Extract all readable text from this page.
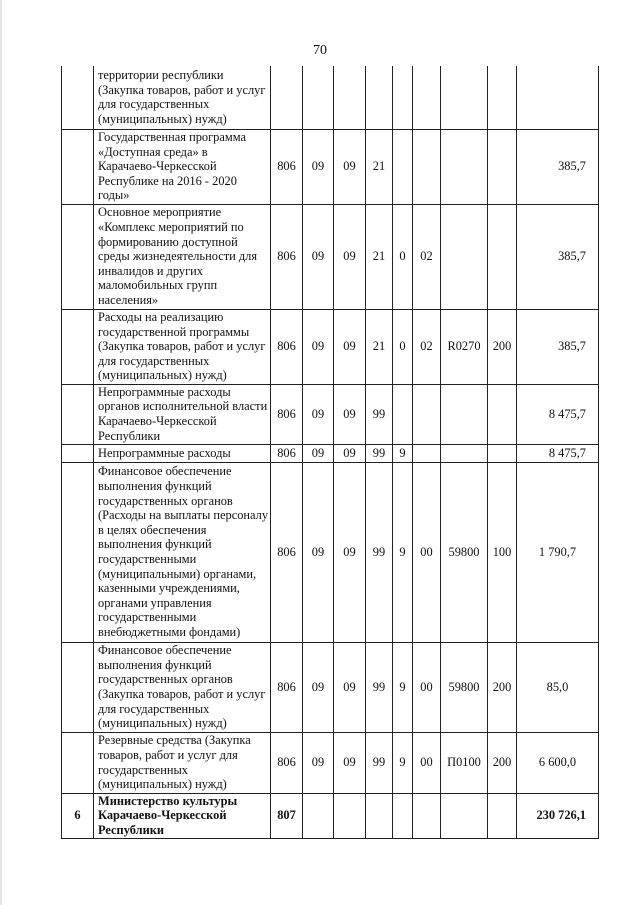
70
	территории республики (Закупка товаров, работ и услуг для государственных (муниципальных) нужд)									
	Государственная программа «Доступная среда» в Карачаево-Черкесской Республике на 2016 - 2020 годы»	806	09	09	21					385,7
	Основное мероприятие «Комплекс мероприятий по формированию доступной среды жизнедеятельности для инвалидов и других маломобильных групп населения»	806	09	09	21	0	02			385,7
	Расходы на реализацию государственной программы (Закупка товаров, работ и услуг для государственных (муниципальных) нужд)	806	09	09	21	0	02	R0270	200	385,7
	Непрограммные расходы органов исполнительной власти Карачаево-Черкесской Республики	806	09	09	99					8 475,7
	Непрограммные расходы	806	09	09	99	9				8 475,7
	Финансовое обеспечение выполнения функций государственных органов (Расходы на выплаты персоналу в целях обеспечения выполнения функций государственными (муниципальными) органами, казенными учреждениями, органами управления государственными внебюджетными фондами)	806	09	09	99	9	00	59800	100	1 790,7
	Финансовое обеспечение выполнения функций государственных органов (Закупка товаров, работ и услуг для государственных (муниципальных) нужд)	806	09	09	99	9	00	59800	200	85,0
	Резервные средства (Закупка товаров, работ и услуг для государственных (муниципальных) нужд)	806	09	09	99	9	00	П0100	200	6 600,0
6	Министерство культуры Карачаево-Черкесской Республики	807								230 726,1
